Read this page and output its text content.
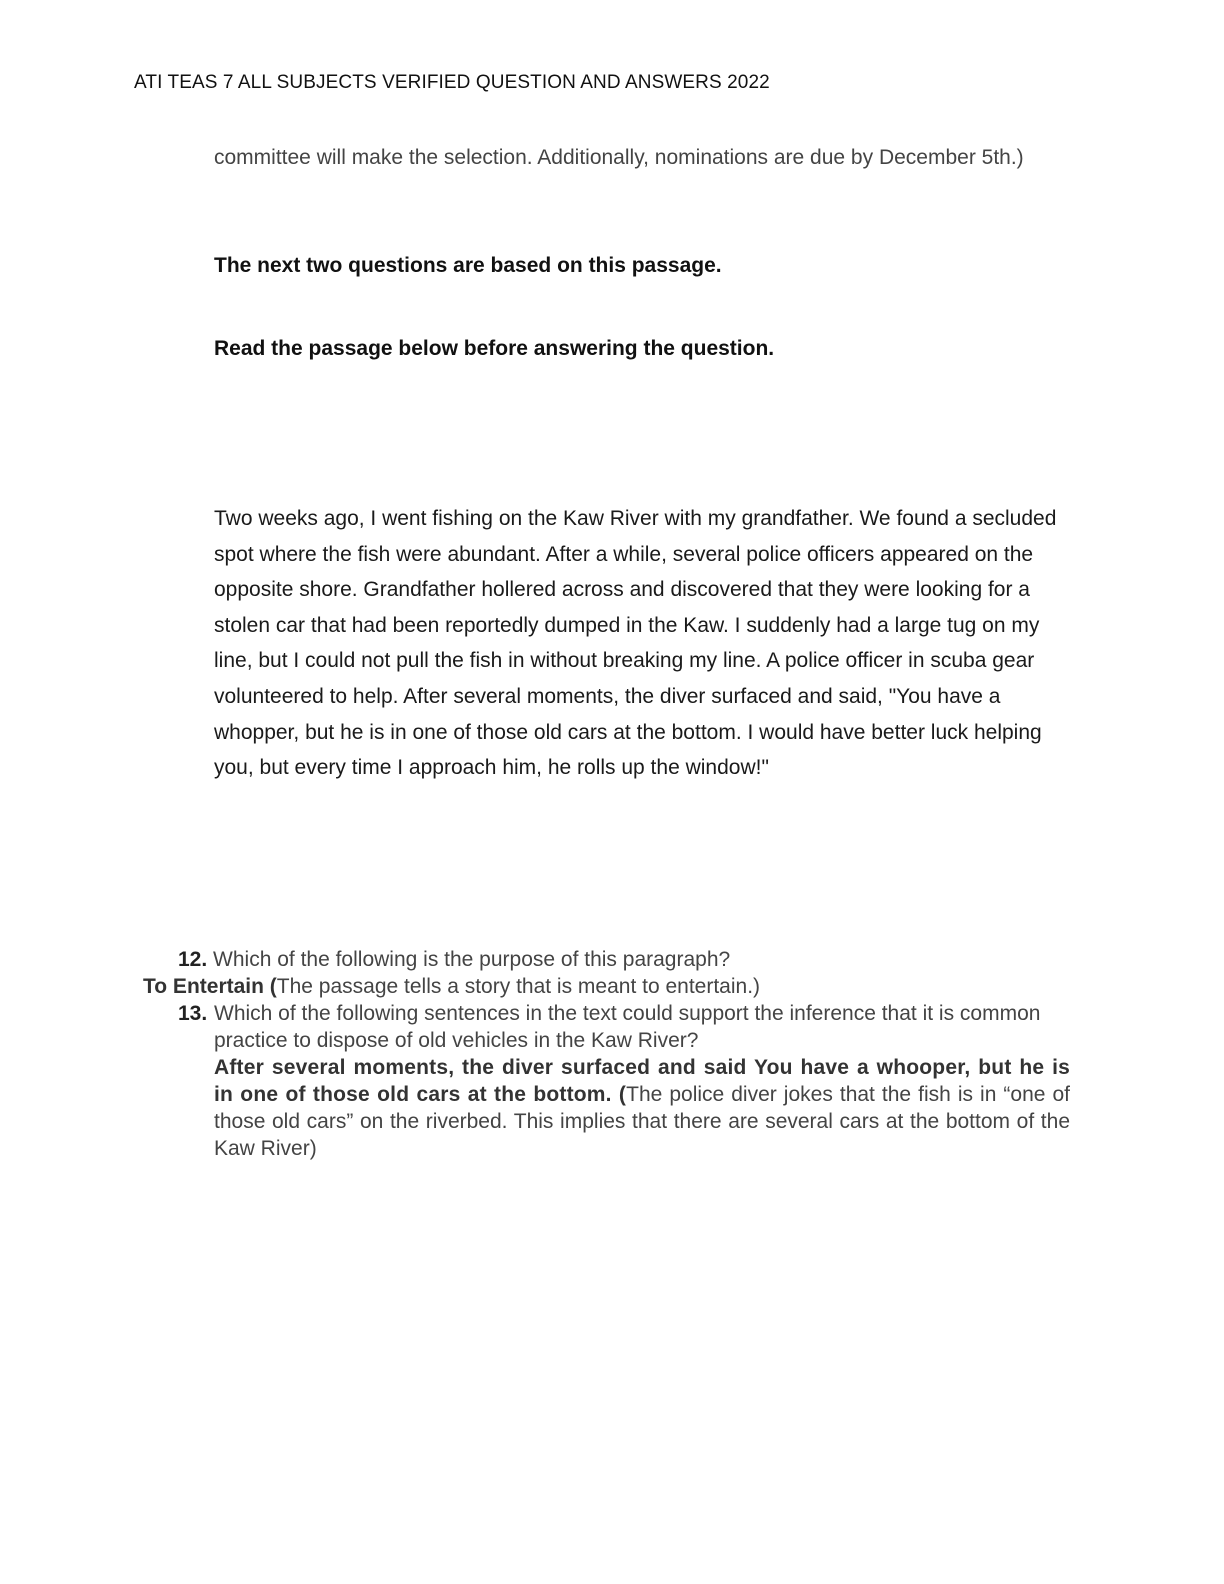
ATI TEAS 7 ALL SUBJECTS VERIFIED QUESTION AND ANSWERS 2022
committee will make the selection. Additionally, nominations are due by December 5th.)
The next two questions are based on this passage.
Read the passage below before answering the question.
Two weeks ago, I went fishing on the Kaw River with my grandfather. We found a secluded spot where the fish were abundant. After a while, several police officers appeared on the opposite shore. Grandfather hollered across and discovered that they were looking for a stolen car that had been reportedly dumped in the Kaw. I suddenly had a large tug on my line, but I could not pull the fish in without breaking my line. A police officer in scuba gear volunteered to help. After several moments, the diver surfaced and said, "You have a whopper, but he is in one of those old cars at the bottom. I would have better luck helping you, but every time I approach him, he rolls up the window!"
12. Which of the following is the purpose of this paragraph?
To Entertain (The passage tells a story that is meant to entertain.)
13. Which of the following sentences in the text could support the inference that it is common practice to dispose of old vehicles in the Kaw River?
After several moments, the diver surfaced and said You have a whooper, but he is in one of those old cars at the bottom. (The police diver jokes that the fish is in “one of those old cars” on the riverbed. This implies that there are several cars at the bottom of the Kaw River)
